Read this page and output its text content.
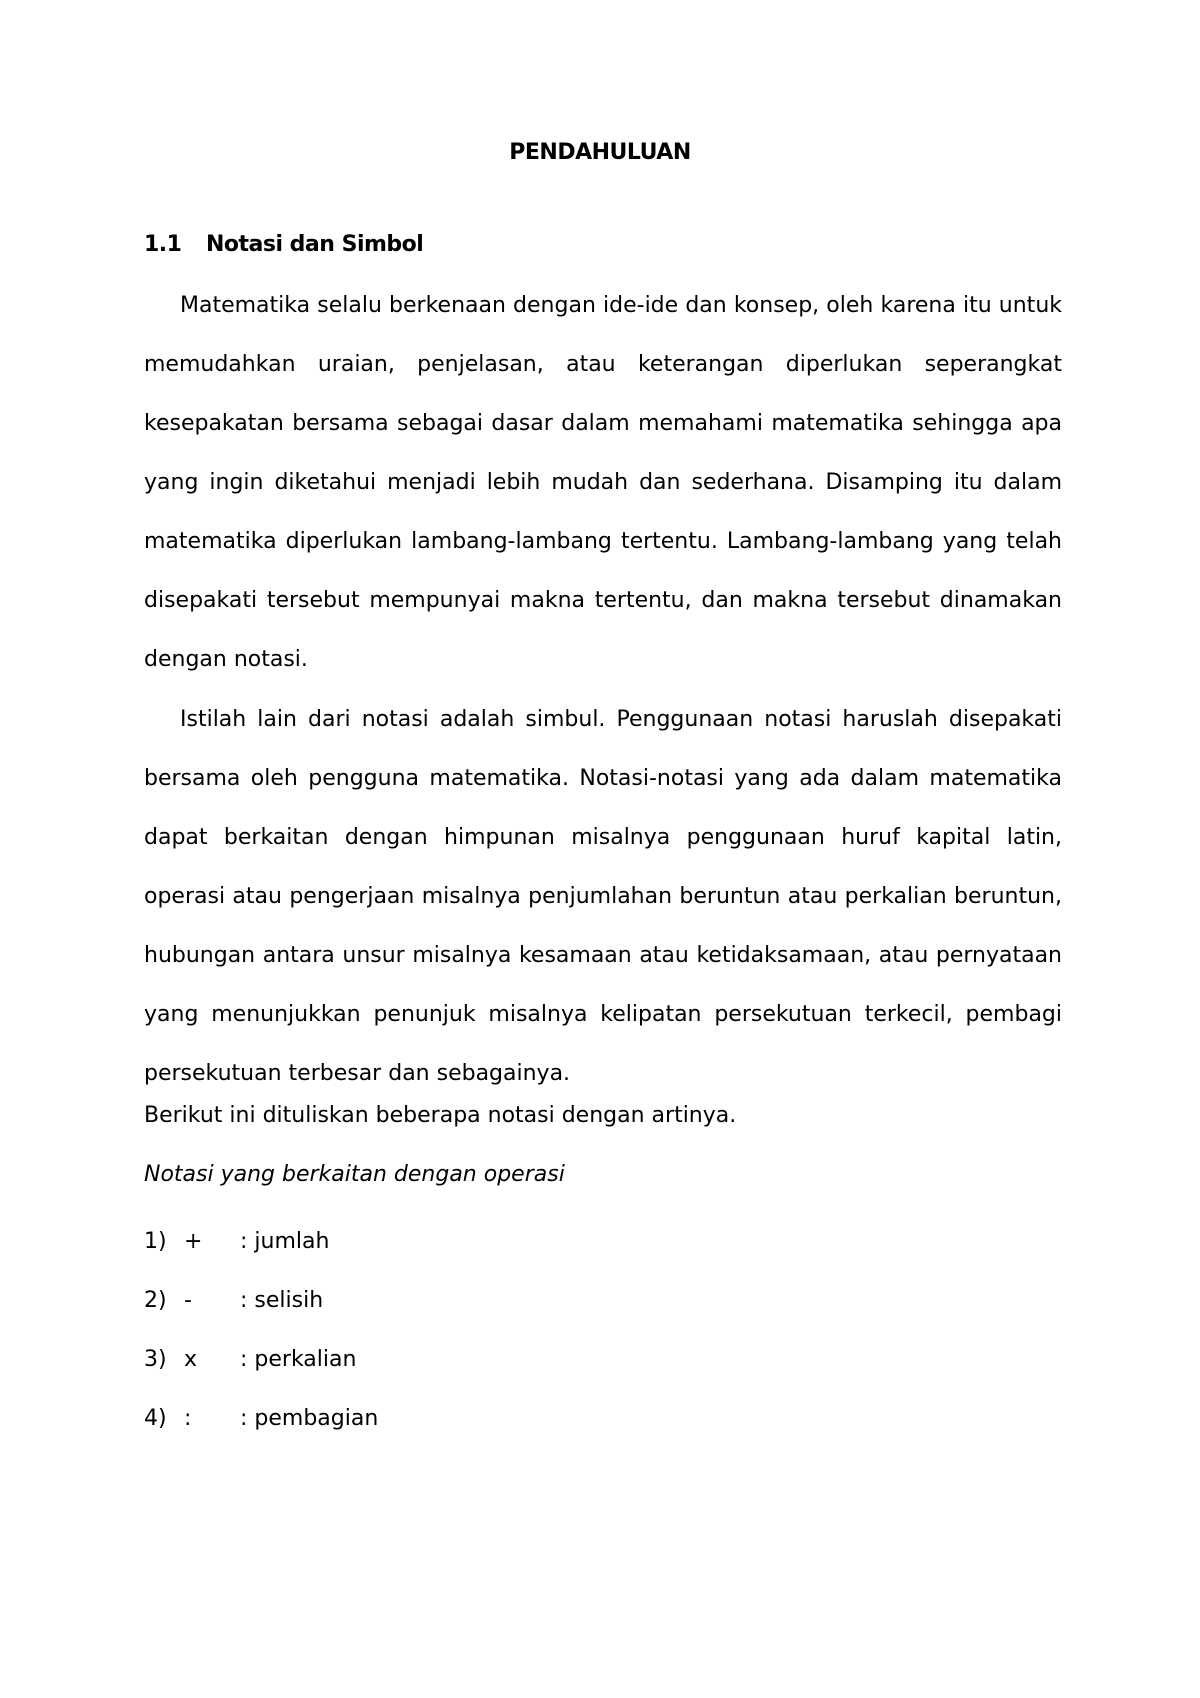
PENDAHULUAN
1.1 Notasi dan Simbol

Matematika selalu berkenaan dengan ide-ide dan konsep, oleh karena itu untuk memudahkan uraian, penjelasan, atau keterangan diperlukan seperangkat kesepakatan bersama sebagai dasar dalam memahami matematika sehingga apa yang ingin diketahui menjadi lebih mudah dan sederhana. Disamping itu dalam matematika diperlukan lambang-lambang tertentu. Lambang-lambang yang telah disepakati tersebut mempunyai makna tertentu, dan makna tersebut dinamakan dengan notasi.

Istilah lain dari notasi adalah simbul. Penggunaan notasi haruslah disepakati bersama oleh pengguna matematika. Notasi-notasi yang ada dalam matematika dapat berkaitan dengan himpunan misalnya penggunaan huruf kapital latin, operasi atau pengerjaan misalnya penjumlahan beruntun atau perkalian beruntun, hubungan antara unsur misalnya kesamaan atau ketidaksamaan, atau pernyataan yang menunjukkan penunjuk misalnya kelipatan persekutuan terkecil, pembagi persekutuan terbesar dan sebagainya.

Berikut ini dituliskan beberapa notasi dengan artinya.
Notasi yang berkaitan dengan operasi
1) + : jumlah
2) - : selisih
3) x : perkalian
4) : : pembagian
